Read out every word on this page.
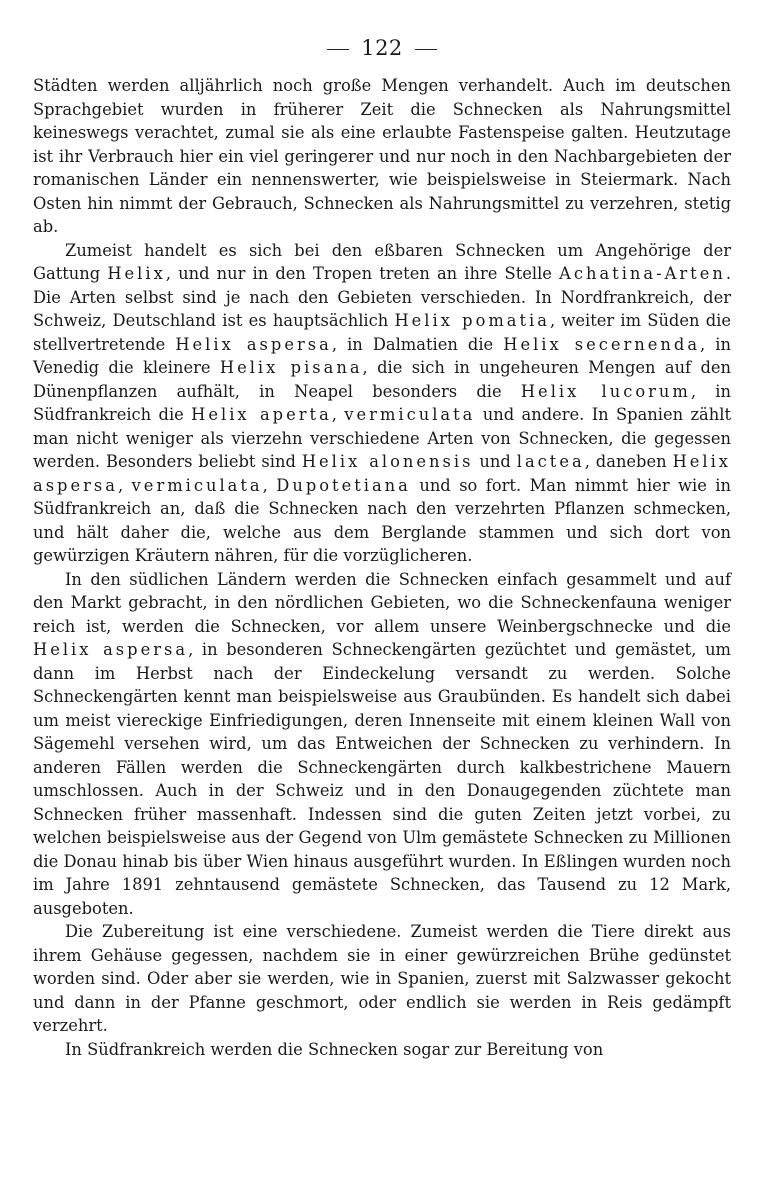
122

Städten werden alljährlich noch große Mengen verhandelt. Auch im deutschen Sprachgebiet wurden in früherer Zeit die Schnecken als Nahrungsmittel keineswegs verachtet, zumal sie als eine erlaubte Fastenspeise galten. Heutzutage ist ihr Verbrauch hier ein viel geringerer und nur noch in den Nachbargebieten der romanischen Länder ein nennenswerter, wie beispielsweise in Steiermark. Nach Osten hin nimmt der Gebrauch, Schnecken als Nahrungsmittel zu verzehren, stetig ab.

Zumeist handelt es sich bei den eßbaren Schnecken um Angehörige der Gattung Helix, und nur in den Tropen treten an ihre Stelle Achatina-Arten. Die Arten selbst sind je nach den Gebieten verschieden. In Nordfrankreich, der Schweiz, Deutschland ist es hauptsächlich Helix pomatia, weiter im Süden die stellvertretende Helix aspersa, in Dalmatien die Helix secernenda, in Venedig die kleinere Helix pisana, die sich in ungeheuren Mengen auf den Dünenpflanzen aufhält, in Neapel besonders die Helix lucorum, in Südfrankreich die Helix aperta, vermiculata und andere. In Spanien zählt man nicht weniger als vierzehn verschiedene Arten von Schnecken, die gegessen werden. Besonders beliebt sind Helix alonensis und lactea, daneben Helix aspersa, vermiculata, Dupotetiana und so fort. Man nimmt hier wie in Südfrankreich an, daß die Schnecken nach den verzehrten Pflanzen schmecken, und hält daher die, welche aus dem Berglande stammen und sich dort von gewürzigen Kräutern nähren, für die vorzüglicheren.

In den südlichen Ländern werden die Schnecken einfach gesammelt und auf den Markt gebracht, in den nördlichen Gebieten, wo die Schneckenfauna weniger reich ist, werden die Schnecken, vor allem unsere Weinbergschnecke und die Helix aspersa, in besonderen Schneckengärten gezüchtet und gemästet, um dann im Herbst nach der Eindeckelung versandt zu werden. Solche Schneckengärten kennt man beispielsweise aus Graubünden. Es handelt sich dabei um meist viereckige Einfriedigungen, deren Innenseite mit einem kleinen Wall von Sägemehl versehen wird, um das Entweichen der Schnecken zu verhindern. In anderen Fällen werden die Schneckengärten durch kalkbestrichene Mauern umschlossen. Auch in der Schweiz und in den Donaugegenden züchtete man Schnecken früher massenhaft. Indessen sind die guten Zeiten jetzt vorbei, zu welchen beispielsweise aus der Gegend von Ulm gemästete Schnecken zu Millionen die Donau hinab bis über Wien hinaus ausgeführt wurden. In Eßlingen wurden noch im Jahre 1891 zehntausend gemästete Schnecken, das Tausend zu 12 Mark, ausgeboten.

Die Zubereitung ist eine verschiedene. Zumeist werden die Tiere direkt aus ihrem Gehäuse gegessen, nachdem sie in einer gewürzreichen Brühe gedünstet worden sind. Oder aber sie werden, wie in Spanien, zuerst mit Salzwasser gekocht und dann in der Pfanne geschmort, oder endlich sie werden in Reis gedämpft verzehrt.

In Südfrankreich werden die Schnecken sogar zur Bereitung von
